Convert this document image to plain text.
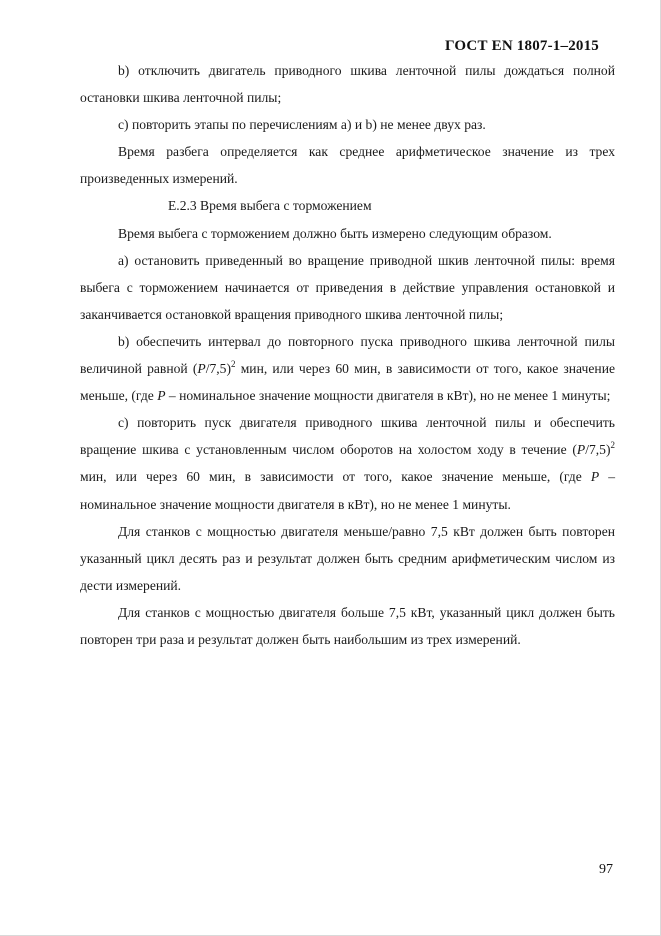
ГОСТ EN 1807-1–2015

b) отключить двигатель приводного шкива ленточной пилы дождаться полной остановки шкива ленточной пилы;

c) повторить этапы по перечислениям a) и b) не менее двух раз.

Время разбега определяется как среднее арифметическое значение из трех произведенных измерений.

E.2.3 Время выбега с торможением

Время выбега с торможением должно быть измерено следующим образом.

a) остановить приведенный во вращение приводной шкив ленточной пилы: время выбега с торможением начинается от приведения в действие управления остановкой и заканчивается остановкой вращения приводного шкива ленточной пилы;

b) обеспечить интервал до повторного пуска приводного шкива ленточной пилы величиной равной $(P/7,5)^2$ мин, или через 60 мин, в зависимости от того, какое значение меньше, (где P – номинальное значение мощности двигателя в кВт), но не менее 1 минуты;

c) повторить пуск двигателя приводного шкива ленточной пилы и обеспечить вращение шкива с установленным числом оборотов на холостом ходу в течение $(P/7,5)^2$ мин, или через 60 мин, в зависимости от того, какое значение меньше, (где P – номинальное значение мощности двигателя в кВт), но не менее 1 минуты.

Для станков с мощностью двигателя меньше/равно 7,5 кВт должен быть повторен указанный цикл десять раз и результат должен быть средним арифметическим числом из дести измерений.

Для станков с мощностью двигателя больше 7,5 кВт, указанный цикл должен быть повторен три раза и результат должен быть наибольшим из трех измерений.

97
